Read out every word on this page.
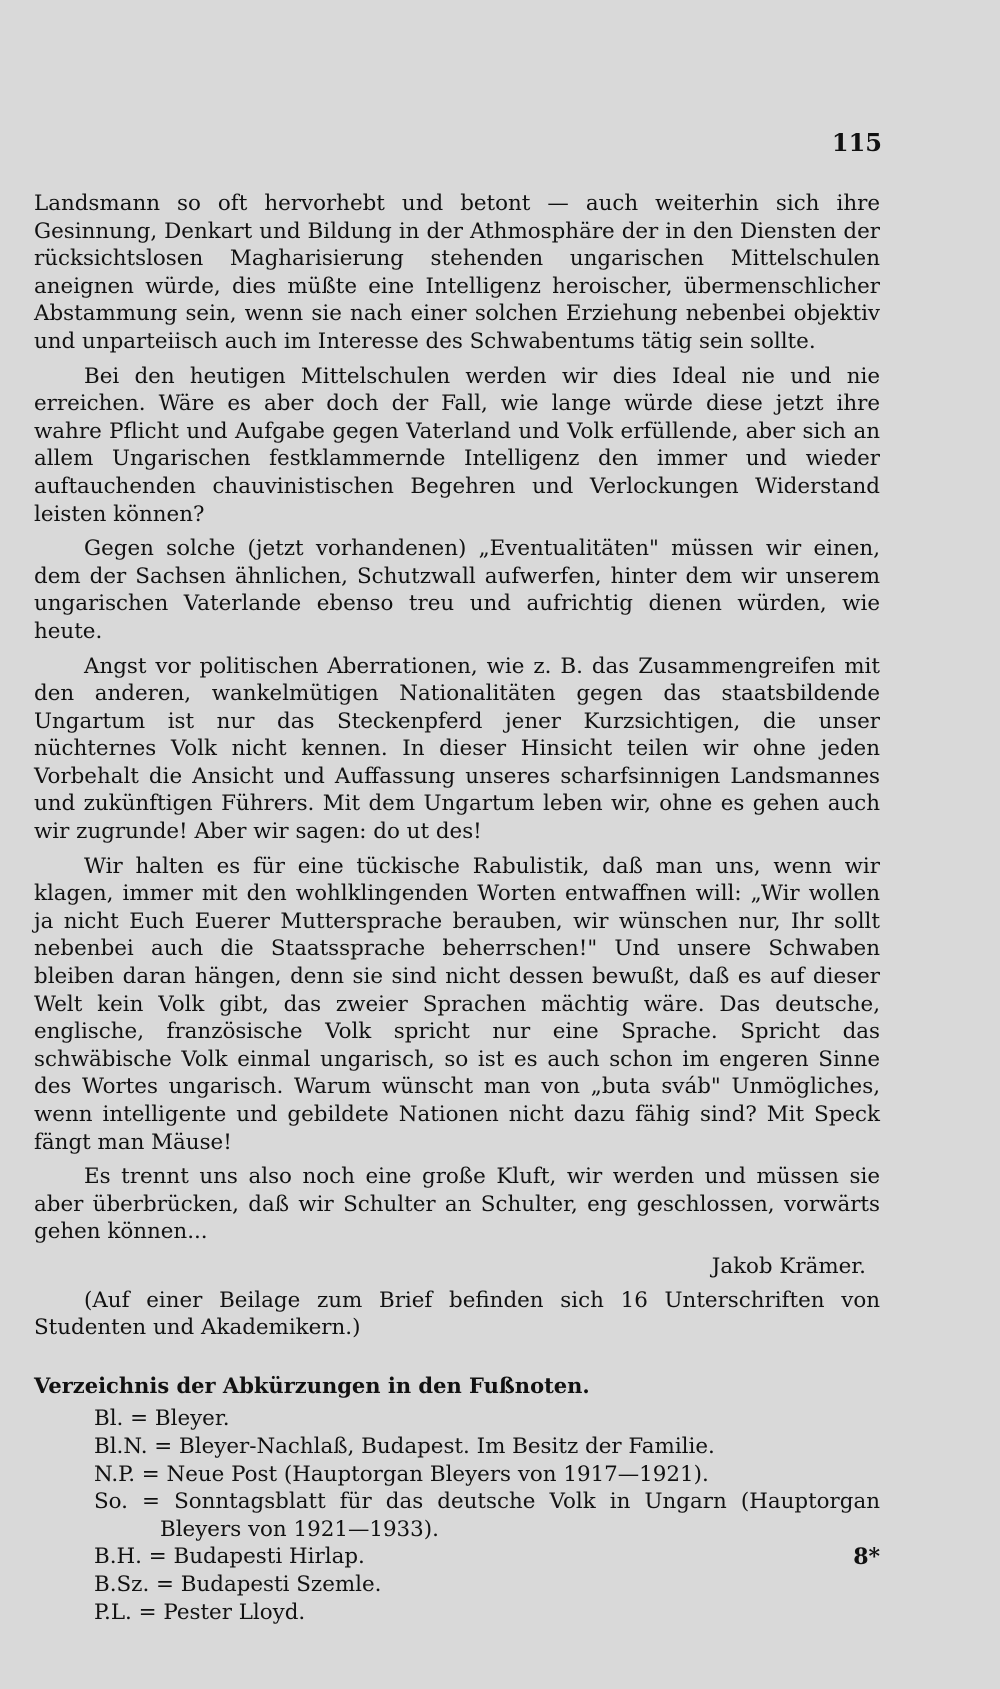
115

Landsmann so oft hervorhebt und betont — auch weiterhin sich ihre Gesinnung, Denkart und Bildung in der Athmosphäre der in den Diensten der rücksichtslosen Magharisierung stehenden ungarischen Mittelschulen aneignen würde, dies müßte eine Intelligenz heroischer, übermenschlicher Abstammung sein, wenn sie nach einer solchen Erziehung nebenbei objektiv und unparteiisch auch im Interesse des Schwabentums tätig sein sollte.

Bei den heutigen Mittelschulen werden wir dies Ideal nie und nie erreichen. Wäre es aber doch der Fall, wie lange würde diese jetzt ihre wahre Pflicht und Aufgabe gegen Vaterland und Volk erfüllende, aber sich an allem Ungarischen festklammernde Intelligenz den immer und wieder auftauchenden chauvinistischen Begehren und Verlockungen Widerstand leisten können?

Gegen solche (jetzt vorhandenen) „Eventualitäten" müssen wir einen, dem der Sachsen ähnlichen, Schutzwall aufwerfen, hinter dem wir unserem ungarischen Vaterlande ebenso treu und aufrichtig dienen würden, wie heute.

Angst vor politischen Aberrationen, wie z. B. das Zusammengreifen mit den anderen, wankelmütigen Nationalitäten gegen das staatsbildende Ungartum ist nur das Steckenpferd jener Kurzsichtigen, die unser nüchternes Volk nicht kennen. In dieser Hinsicht teilen wir ohne jeden Vorbehalt die Ansicht und Auffassung unseres scharfsinnigen Landsmannes und zukünftigen Führers. Mit dem Ungartum leben wir, ohne es gehen auch wir zugrunde! Aber wir sagen: do ut des!

Wir halten es für eine tückische Rabulistik, daß man uns, wenn wir klagen, immer mit den wohlklingenden Worten entwaffnen will: „Wir wollen ja nicht Euch Euerer Muttersprache berauben, wir wünschen nur, Ihr sollt nebenbei auch die Staatssprache beherrschen!" Und unsere Schwaben bleiben daran hängen, denn sie sind nicht dessen bewußt, daß es auf dieser Welt kein Volk gibt, das zweier Sprachen mächtig wäre. Das deutsche, englische, französische Volk spricht nur eine Sprache. Spricht das schwäbische Volk einmal ungarisch, so ist es auch schon im engeren Sinne des Wortes ungarisch. Warum wünscht man von „buta sváb" Unmögliches, wenn intelligente und gebildete Nationen nicht dazu fähig sind? Mit Speck fängt man Mäuse!

Es trennt uns also noch eine große Kluft, wir werden und müssen sie aber überbrücken, daß wir Schulter an Schulter, eng geschlossen, vorwärts gehen können...

Jakob Krämer.

(Auf einer Beilage zum Brief befinden sich 16 Unterschriften von Studenten und Akademikern.)

Verzeichnis der Abkürzungen in den Fußnoten.
Bl. = Bleyer.
Bl.N. = Bleyer-Nachlaß, Budapest. Im Besitz der Familie.
N.P. = Neue Post (Hauptorgan Bleyers von 1917—1921).
So. = Sonntagsblatt für das deutsche Volk in Ungarn (Hauptorgan Bleyers von 1921—1933).
B.H. = Budapesti Hirlap.
B.Sz. = Budapesti Szemle.
P.L. = Pester Lloyd.
8*
